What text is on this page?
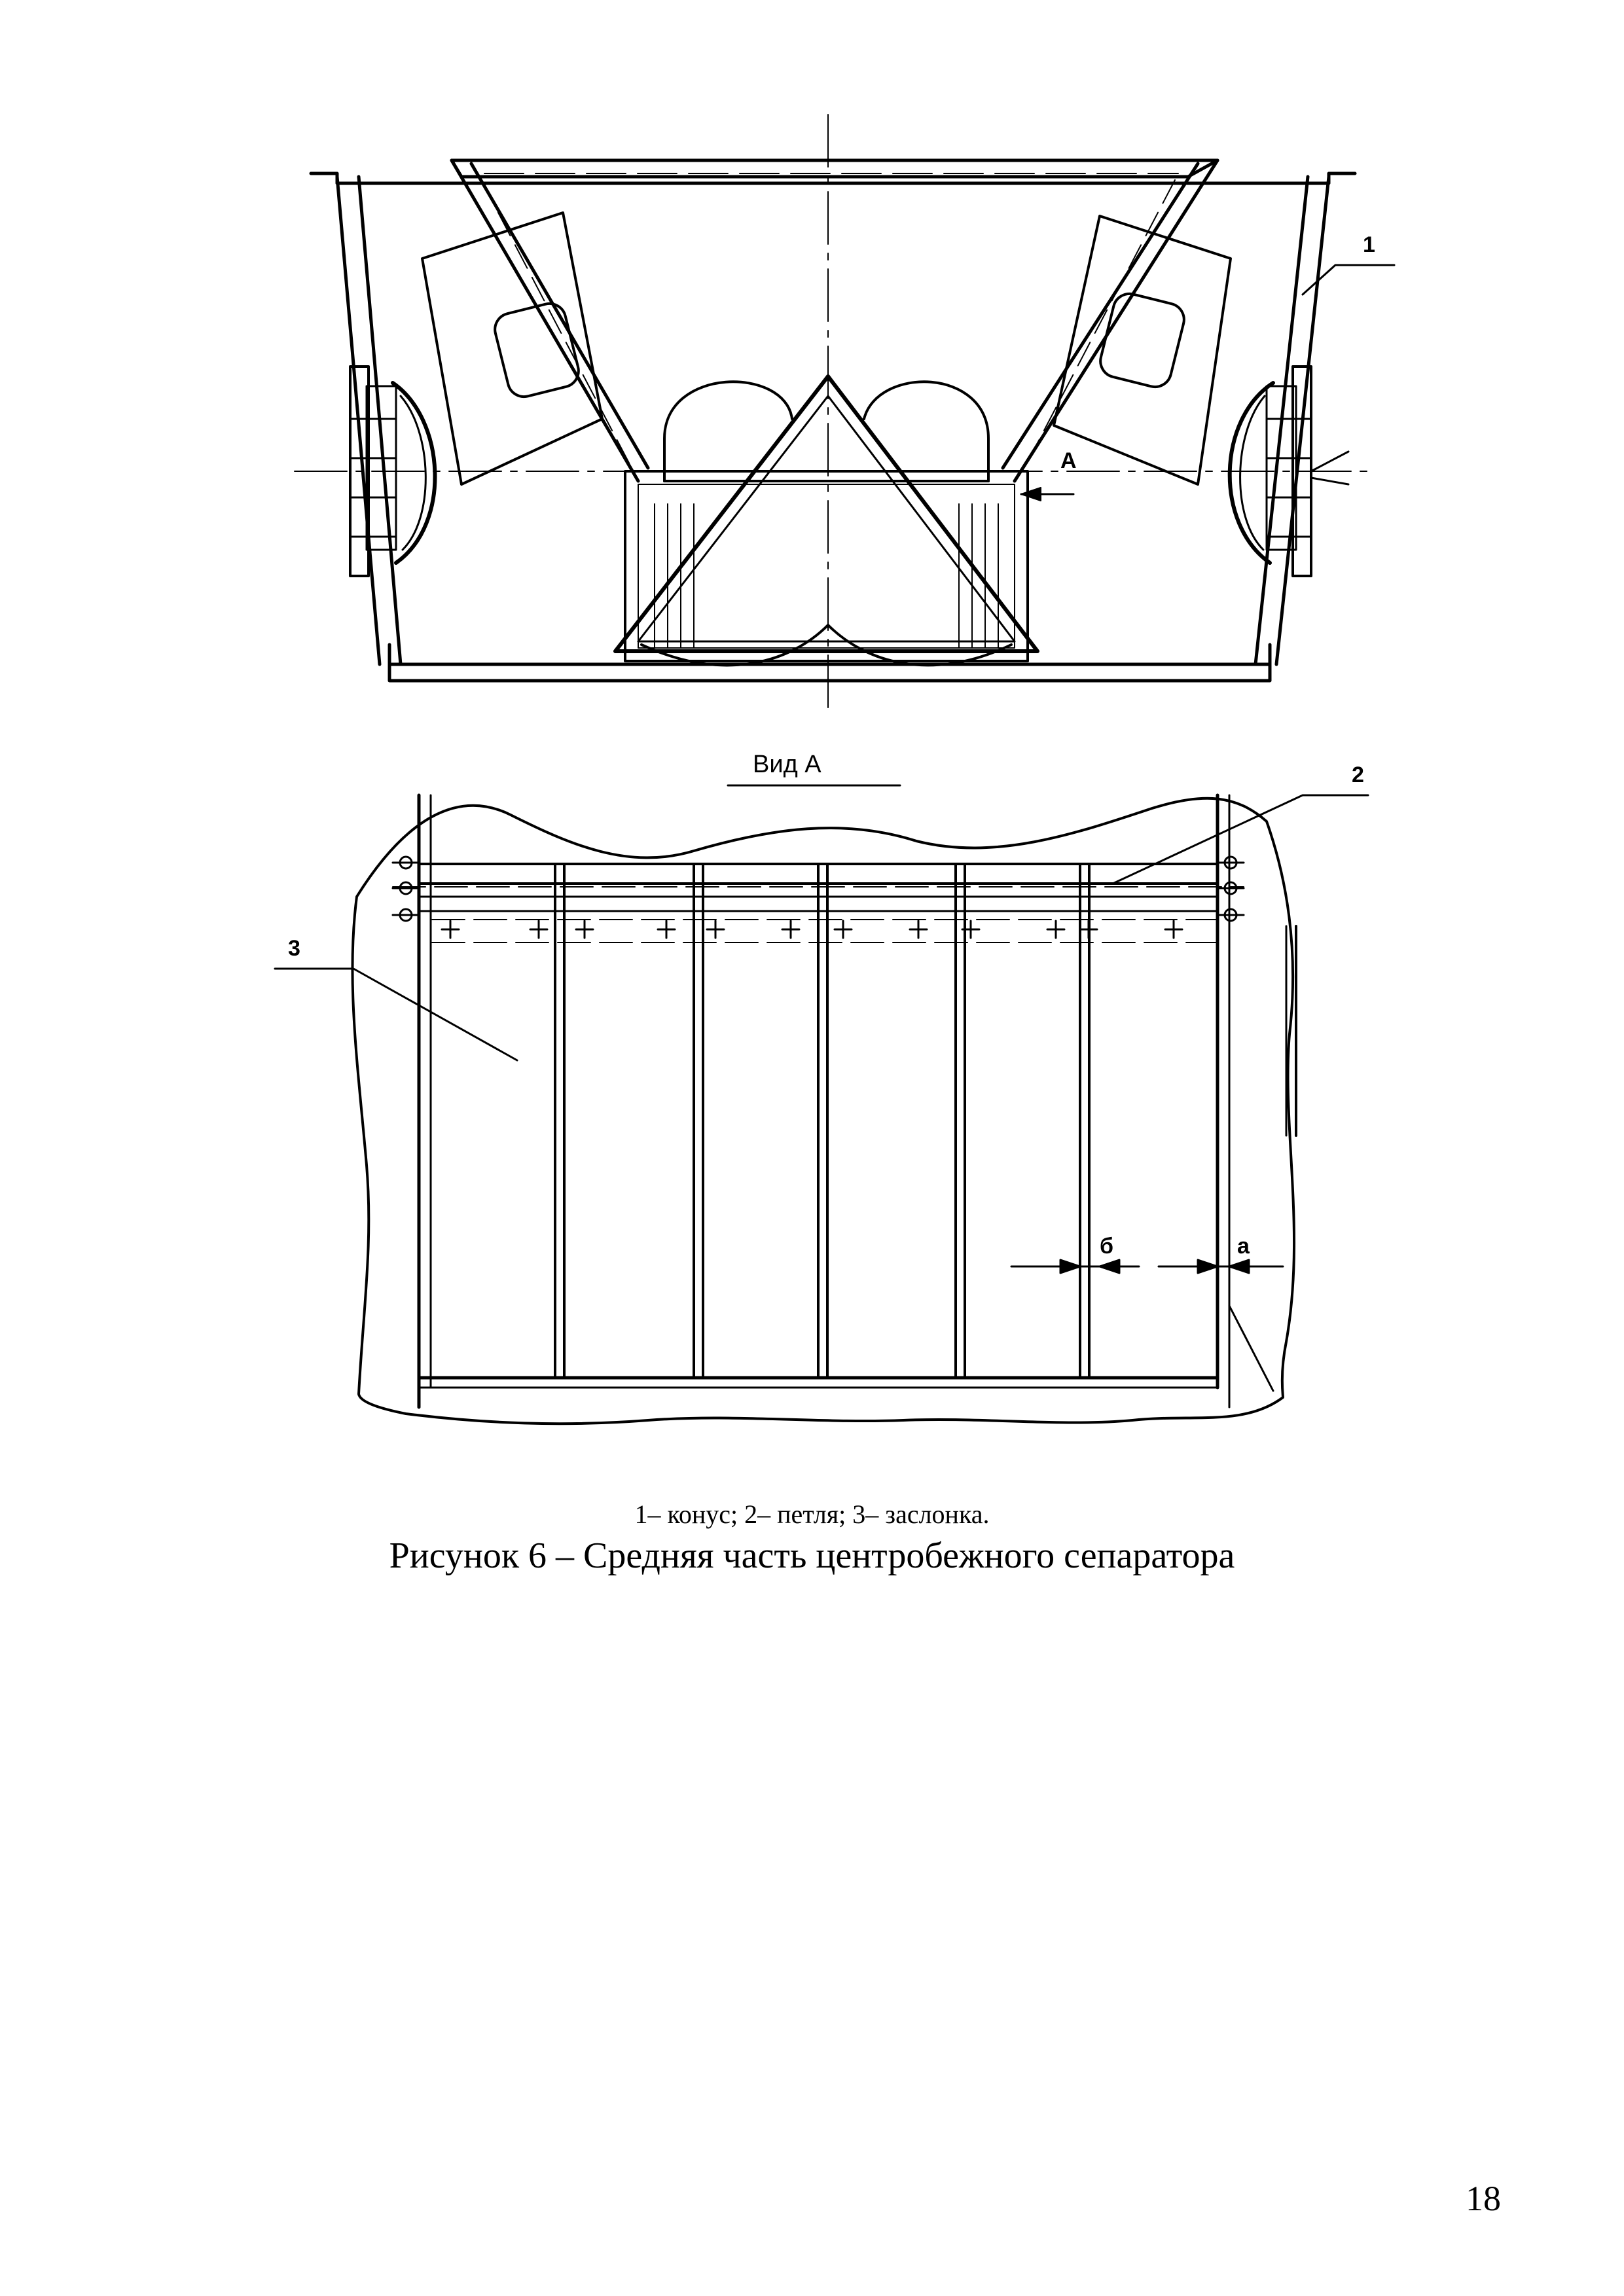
1
А
Вид А	2
3
б	а
1– конус; 2– петля; 3– заслонка.
Рисунок 6 – Средняя часть центробежного сепаратора
18
